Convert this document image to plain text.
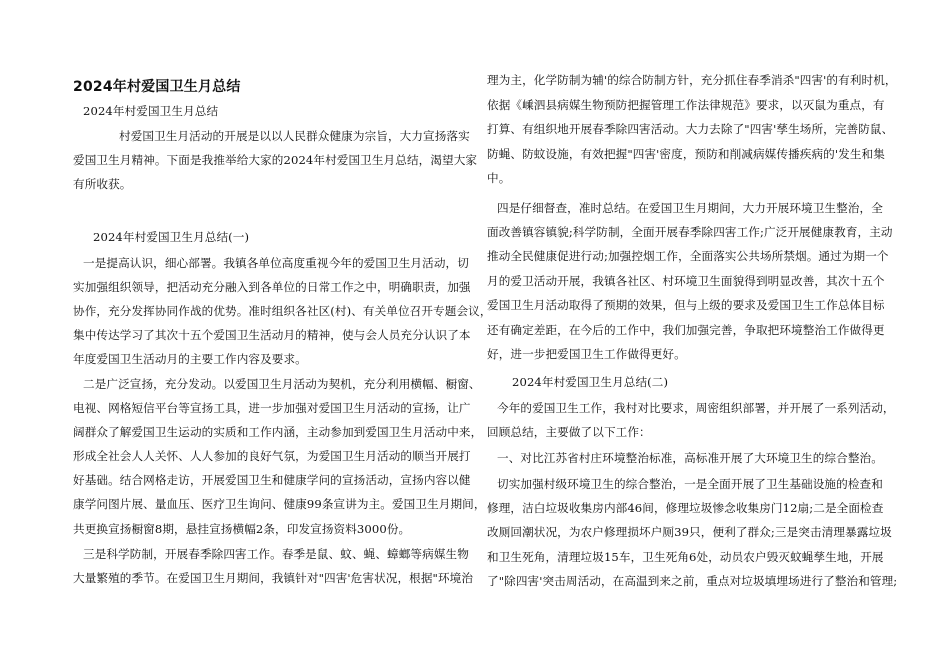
2024年村爱国卫生月总结
2024年村爱国卫生月总结
村爱国卫生月活动的开展是以以人民群众健康为宗旨，大力宣扬落实
爱国卫生月精神。下面是我推举给大家的2024年村爱国卫生月总结，渴望大家
有所收获。
2024年村爱国卫生月总结(一)
一是提高认识，细心部署。我镇各单位高度重视今年的爱国卫生月活动，切
实加强组织领导，把活动充分融入到各单位的日常工作之中，明确职责，加强
协作，充分发挥协同作战的优势。准时组织各社区(村)、有关单位召开专题会议，
集中传达学习了其次十五个爱国卫生活动月的精神，使与会人员充分认识了本
年度爱国卫生活动月的主要工作内容及要求。
二是广泛宣扬，充分发动。以爱国卫生月活动为契机，充分利用横幅、橱窗、
电视、网格短信平台等宣扬工具，进一步加强对爱国卫生月活动的宣扬，让广
阔群众了解爱国卫生运动的实质和工作内涵，主动参加到爱国卫生月活动中来，
形成全社会人人关怀、人人参加的良好气氛，为爱国卫生月活动的顺当开展打
好基础。结合网格走访，开展爱国卫生和健康学问的宣扬活动，宣扬内容以健
康学问图片展、量血压、医疗卫生询问、健康99条宣讲为主。爱国卫生月期间，
共更换宣扬橱窗8期，悬挂宣扬横幅2条，印发宣扬资料3000份。
三是科学防制，开展春季除四害工作。春季是鼠、蚊、蝇、蟑螂等病媒生物
大量繁殖的季节。在爱国卫生月期间，我镇针对"四害'危害状况，根据"环境治
理为主，化学防制为辅'的综合防制方针，充分抓住春季消杀"四害'的有利时机，
依据《嵊泗县病媒生物预防把握管理工作法律规范》要求，以灭鼠为重点，有
打算、有组织地开展春季除四害活动。大力去除了"四害'孳生场所，完善防鼠、
防蝇、防蚊设施，有效把握"四害'密度，预防和削减病媒传播疾病的'发生和集
中。
四是仔细督查，准时总结。在爱国卫生月期间，大力开展环境卫生整治，全
面改善镇容镇貌;科学防制，全面开展春季除四害工作;广泛开展健康教育，主动
推动全民健康促进行动;加强控烟工作，全面落实公共场所禁烟。通过为期一个
月的爱卫活动开展，我镇各社区、村环境卫生面貌得到明显改善，其次十五个
爱国卫生月活动取得了预期的效果，但与上级的要求及爱国卫生工作总体目标
还有确定差距，在今后的工作中，我们加强完善，争取把环境整治工作做得更
好，进一步把爱国卫生工作做得更好。
2024年村爱国卫生月总结(二)
今年的爱国卫生工作，我村对比要求，周密组织部署，并开展了一系列活动，
回顾总结，主要做了以下工作：
一、对比江苏省村庄环境整治标准，高标准开展了大环境卫生的综合整治。
切实加强村级环境卫生的综合整治，一是全面开展了卫生基础设施的检查和
修理，洁白垃圾收集房内部46间，修理垃圾惨念收集房门12扇;二是全面检查
改厕回潮状况，为农户修理损坏户厕39只，便利了群众;三是突击清理暴露垃圾
和卫生死角，清理垃圾15车，卫生死角6处，动员农户毁灭蚊蝇孳生地，开展
了"除四害'突击周活动，在高温到来之前，重点对垃圾填埋场进行了整治和管理;
